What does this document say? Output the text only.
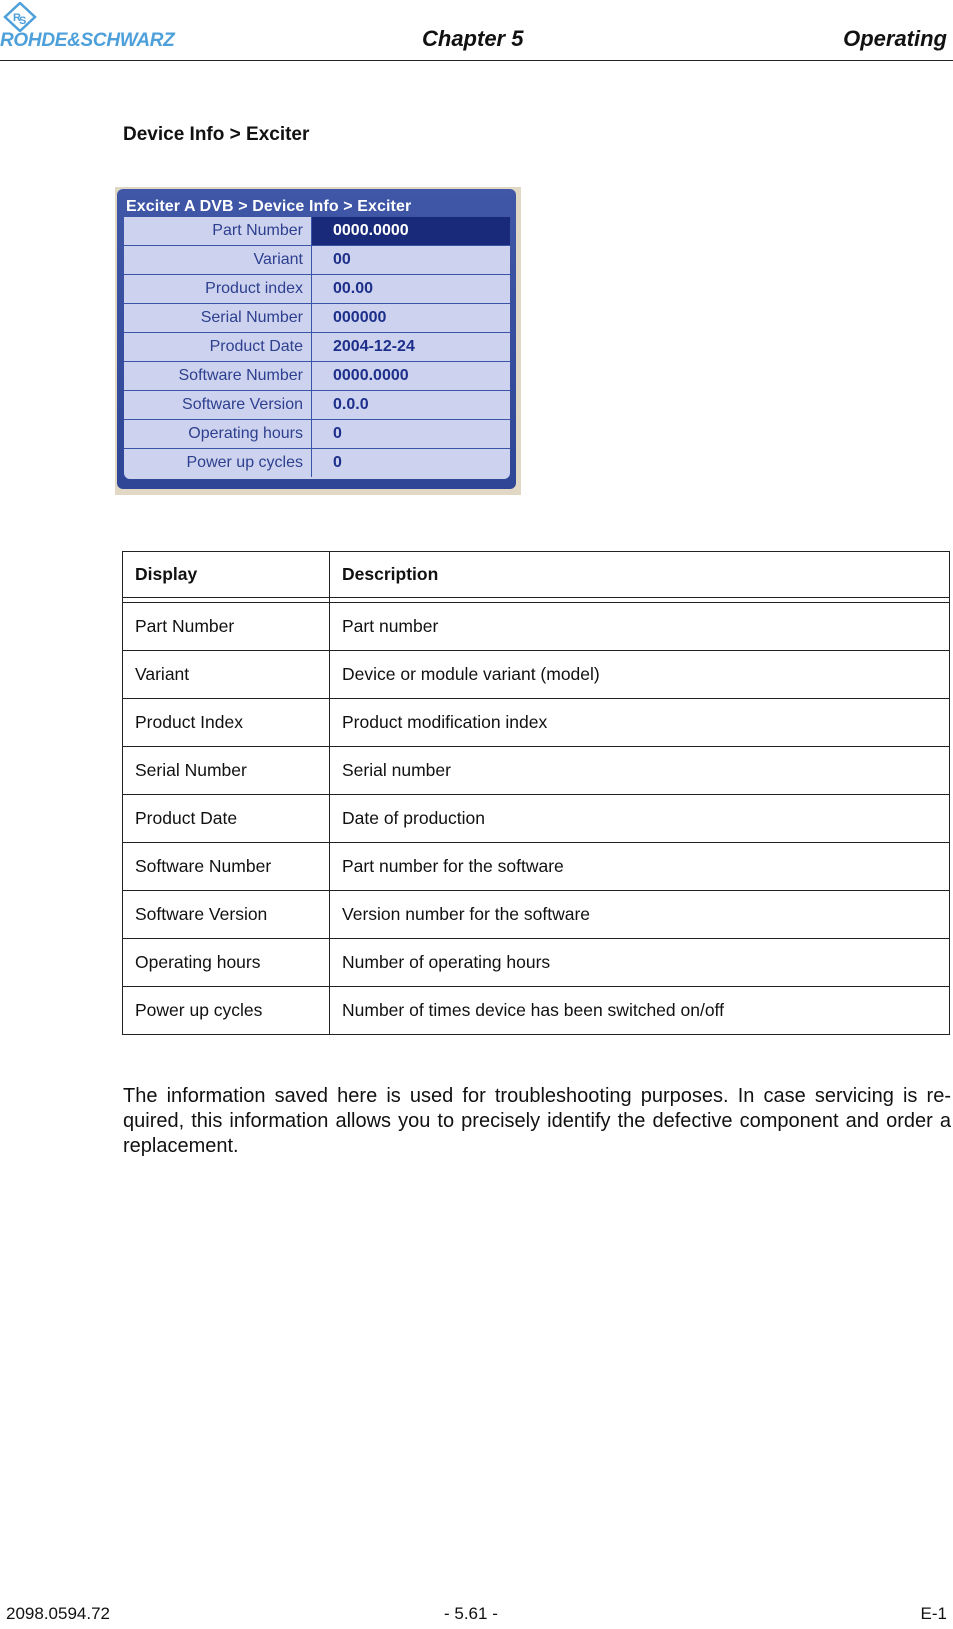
R
S
ROHDE&SCHWARZ	Chapter 5	Operating
Device Info > Exciter
Exciter A DVB > Device Info > Exciter
Part Number	0000.0000
Variant	00
Product index	00.00
Serial Number	000000
Product Date	2004-12-24
Software Number	0000.0000
Software Version	0.0.0
Operating hours	0
Power up cycles	0
Display	Description

Part Number	Part number
Variant	Device or module variant (model)
Product Index	Product modification index
Serial Number	Serial number
Product Date	Date of production
Software Number	Part number for the software
Software Version	Version number for the software
Operating hours	Number of operating hours
Power up cycles	Number of times device has been switched on/off
The information saved here is used for troubleshooting purposes. In case servicing is re-quired, this information allows you to precisely identify the defective component and order a replacement.
2098.0594.72	- 5.61 -	E-1
